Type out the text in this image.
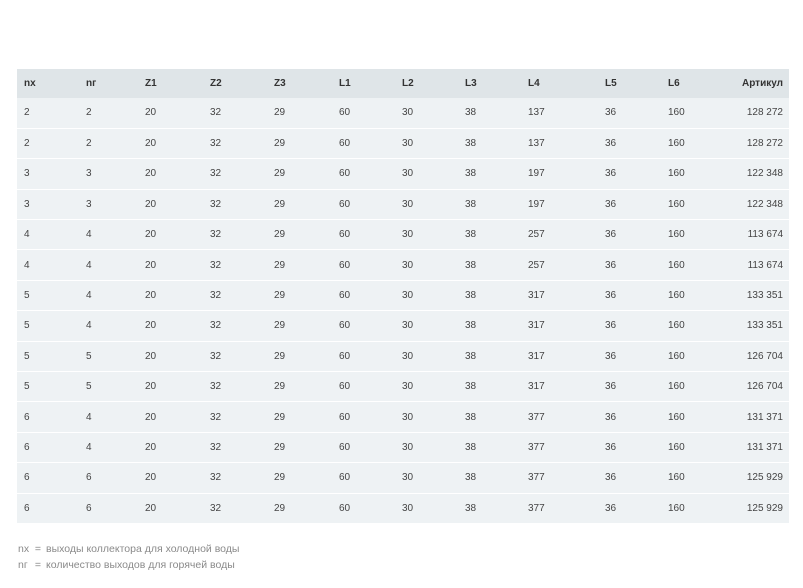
nх	nг	Z1	Z2	Z3	L1	L2	L3	L4	L5	L6	Артикул
2	2	20	32	29	60	30	38	137	36	160	128 272
2	2	20	32	29	60	30	38	137	36	160	128 272
3	3	20	32	29	60	30	38	197	36	160	122 348
3	3	20	32	29	60	30	38	197	36	160	122 348
4	4	20	32	29	60	30	38	257	36	160	113 674
4	4	20	32	29	60	30	38	257	36	160	113 674
5	4	20	32	29	60	30	38	317	36	160	133 351
5	4	20	32	29	60	30	38	317	36	160	133 351
5	5	20	32	29	60	30	38	317	36	160	126 704
5	5	20	32	29	60	30	38	317	36	160	126 704
6	4	20	32	29	60	30	38	377	36	160	131 371
6	4	20	32	29	60	30	38	377	36	160	131 371
6	6	20	32	29	60	30	38	377	36	160	125 929
6	6	20	32	29	60	30	38	377	36	160	125 929
nх = выходы коллектора для холодной воды
nг = количество выходов для горячей воды
